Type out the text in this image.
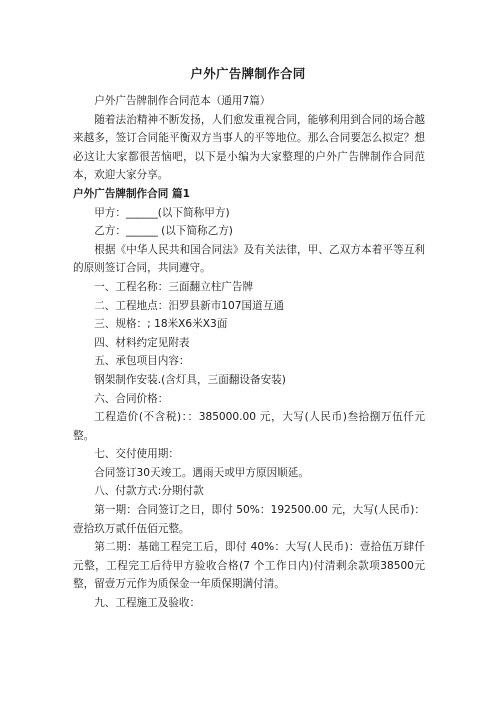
户外广告牌制作合同

户外广告牌制作合同范本（通用7篇）

随着法治精神不断发扬，人们愈发重视合同，能够利用到合同的场合越来越多，签订合同能平衡双方当事人的平等地位。那么合同要怎么拟定？想必这让大家都很苦恼吧，以下是小编为大家整理的户外广告牌制作合同范本，欢迎大家分享。

户外广告牌制作合同 篇1

甲方：______(以下简称甲方)

乙方：______ (以下简称乙方)

根据《中华人民共和国合同法》及有关法律，甲、乙双方本着平等互利的原则签订合同，共同遵守。

一、工程名称：三面翻立柱广告牌

二、工程地点：汨罗县新市107国道互通

三、规格：; 18米X6米X3面

四、材料约定见附表

五、承包项目内容：

钢架制作安装.(含灯具，三面翻设备安装)

六、合同价格：

工程造价(不含税)：：385000.00 元，大写(人民币)叁拾捌万伍仟元整。

七、交付使用期：

合同签订30天竣工。遇雨天或甲方原因顺延。

八、付款方式:分期付款

第一期：合同签订之日，即付 50%：192500.00 元，大写(人民币)：壹拾玖万贰仟伍佰元整。

第二期：基础工程完工后，即付 40%：大写(人民币)：壹拾伍万肆仟元整，工程完工后待甲方验收合格(7 个工作日内)付清剩余款项38500元整，留壹万元作为质保金一年质保期满付清。

九、工程施工及验收：
